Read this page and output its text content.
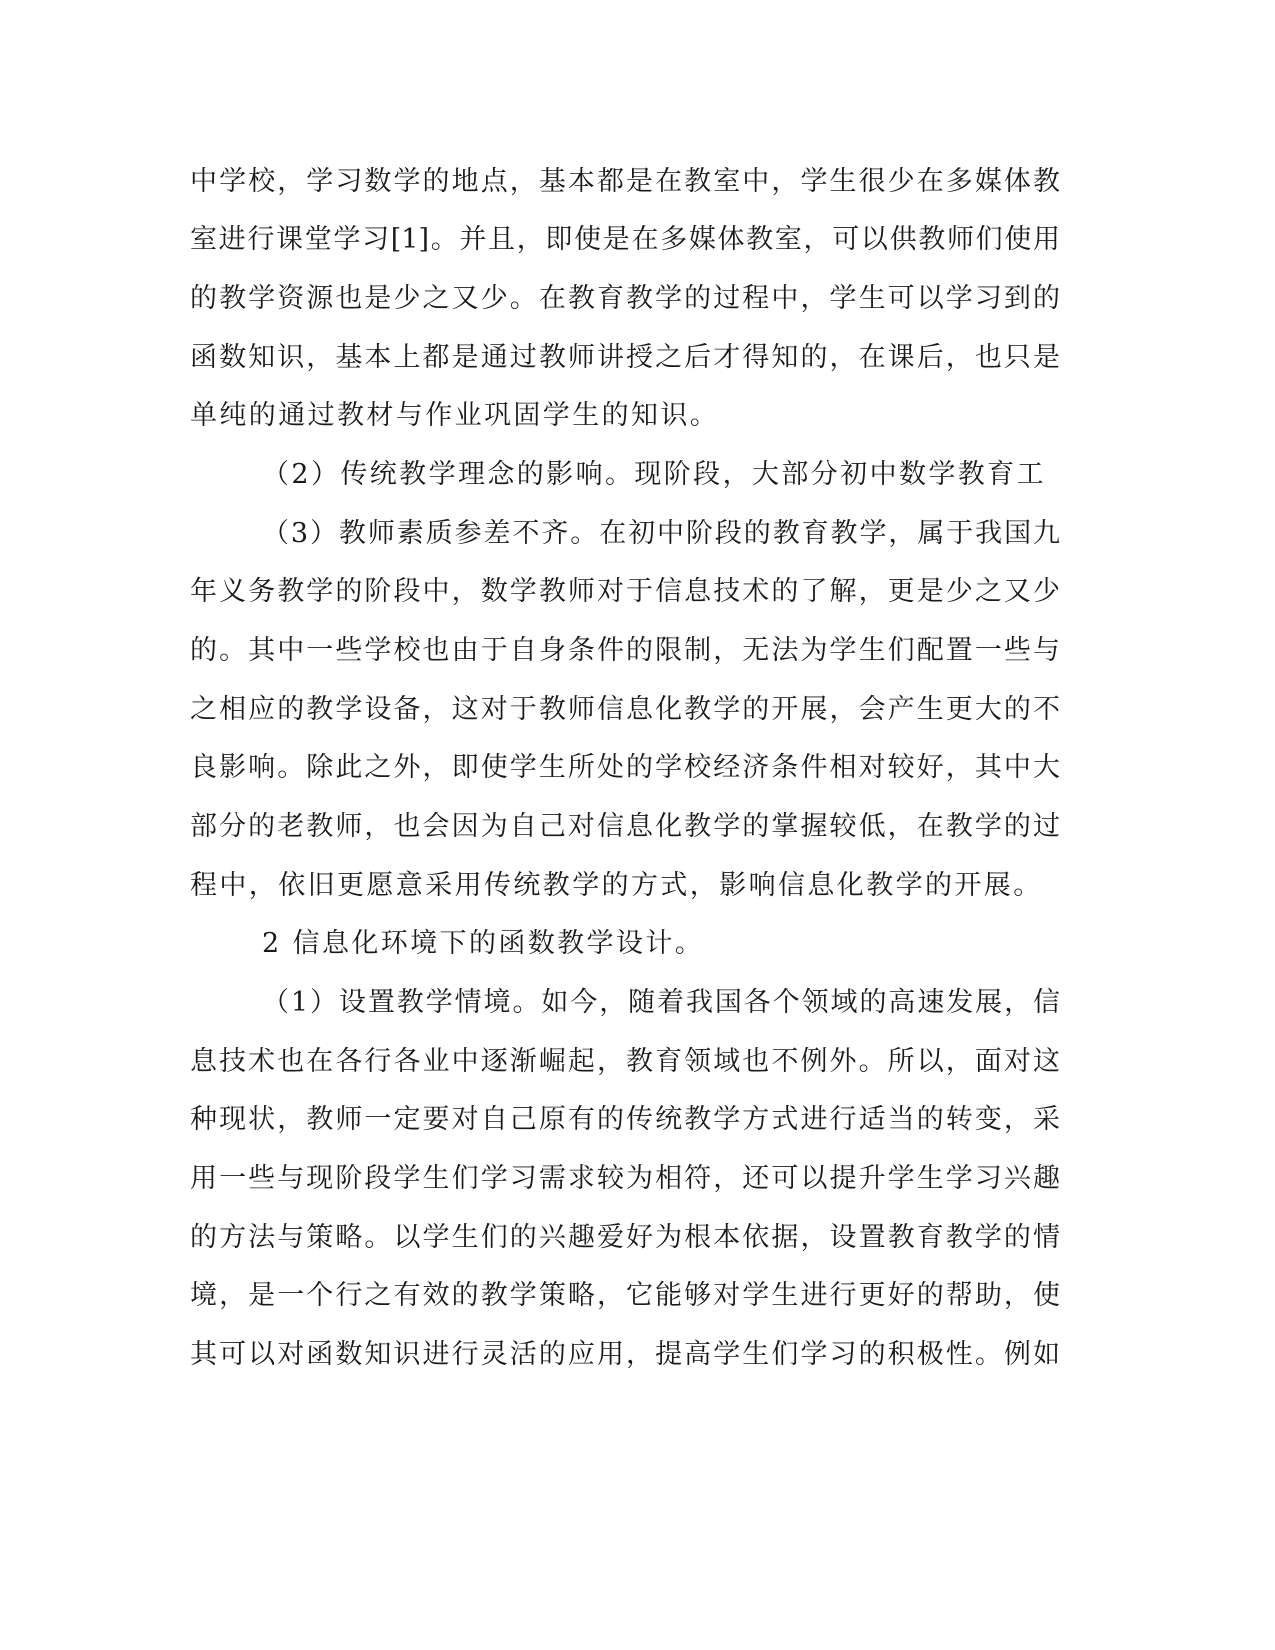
中学校，学习数学的地点，基本都是在教室中，学生很少在多媒体教
室进行课堂学习[1]。并且，即使是在多媒体教室，可以供教师们使用
的教学资源也是少之又少。在教育教学的过程中，学生可以学习到的
函数知识，基本上都是通过教师讲授之后才得知的，在课后，也只是
单纯的通过教材与作业巩固学生的知识。
（2）传统教学理念的影响。现阶段，大部分初中数学教育工
（3）教师素质参差不齐。在初中阶段的教育教学，属于我国九
年义务教学的阶段中，数学教师对于信息技术的了解，更是少之又少
的。其中一些学校也由于自身条件的限制，无法为学生们配置一些与
之相应的教学设备，这对于教师信息化教学的开展，会产生更大的不
良影响。除此之外，即使学生所处的学校经济条件相对较好，其中大
部分的老教师，也会因为自己对信息化教学的掌握较低，在教学的过
程中，依旧更愿意采用传统教学的方式，影响信息化教学的开展。
2 信息化环境下的函数教学设计。
（1）设置教学情境。如今，随着我国各个领域的高速发展，信
息技术也在各行各业中逐渐崛起，教育领域也不例外。所以，面对这
种现状，教师一定要对自己原有的传统教学方式进行适当的转变，采
用一些与现阶段学生们学习需求较为相符，还可以提升学生学习兴趣
的方法与策略。以学生们的兴趣爱好为根本依据，设置教育教学的情
境，是一个行之有效的教学策略，它能够对学生进行更好的帮助，使
其可以对函数知识进行灵活的应用，提高学生们学习的积极性。例如
